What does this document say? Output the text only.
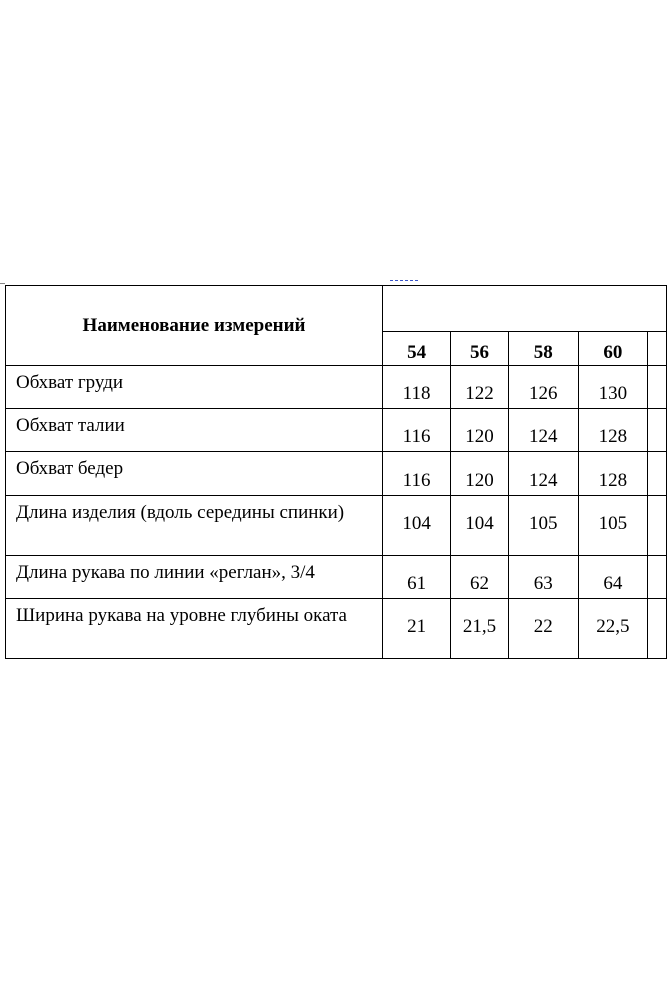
Наименование измерений					
	54	56	58	60	
Обхват груди	118	122	126	130	
Обхват талии	116	120	124	128	
Обхват бедер	116	120	124	128	
Длина изделия (вдоль середины спинки)	104	104	105	105	
Длина рукава по линии «реглан», 3/4	61	62	63	64	
Ширина рукава на уровне глубины оката	21	21,5	22	22,5	
